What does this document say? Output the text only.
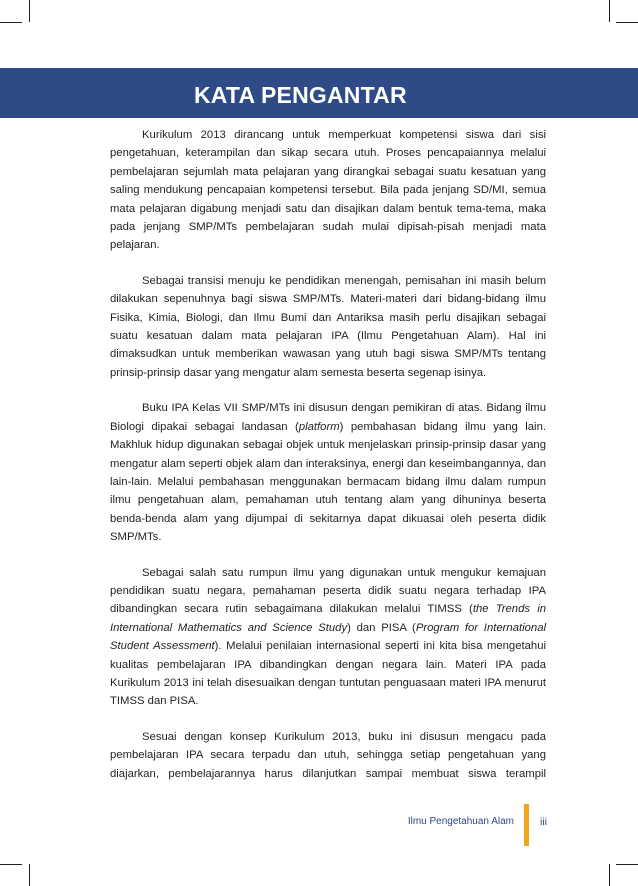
KATA PENGANTAR

Kurikulum 2013 dirancang untuk memperkuat kompetensi siswa dari sisi pengetahuan, keterampilan dan sikap secara utuh. Proses pencapaiannya melalui pembelajaran sejumlah mata pelajaran yang dirangkai sebagai suatu kesatuan yang saling mendukung pencapaian kompetensi tersebut. Bila pada jenjang SD/MI, semua mata pelajaran digabung menjadi satu dan disajikan dalam bentuk tema-tema, maka pada jenjang SMP/MTs pembelajaran sudah mulai dipisah-pisah menjadi mata pelajaran.

Sebagai transisi menuju ke pendidikan menengah, pemisahan ini masih belum dilakukan sepenuhnya bagi siswa SMP/MTs. Materi-materi dari bidang-bidang ilmu Fisika, Kimia, Biologi, dan Ilmu Bumi dan Antariksa masih perlu disajikan sebagai suatu kesatuan dalam mata pelajaran IPA (Ilmu Pengetahuan Alam). Hal ini dimaksudkan untuk memberikan wawasan yang utuh bagi siswa SMP/MTs tentang prinsip-prinsip dasar yang mengatur alam semesta beserta segenap isinya.

Buku IPA Kelas VII SMP/MTs ini disusun dengan pemikiran di atas. Bidang ilmu Biologi dipakai sebagai landasan (platform) pembahasan bidang ilmu yang lain. Makhluk hidup digunakan sebagai objek untuk menjelaskan prinsip-prinsip dasar yang mengatur alam seperti objek alam dan interaksinya, energi dan keseimbangannya, dan lain-lain. Melalui pembahasan menggunakan bermacam bidang ilmu dalam rumpun ilmu pengetahuan alam, pemahaman utuh tentang alam yang dihuninya beserta benda-benda alam yang dijumpai di sekitarnya dapat dikuasai oleh peserta didik SMP/MTs.

Sebagai salah satu rumpun ilmu yang digunakan untuk mengukur kemajuan pendidikan suatu negara, pemahaman peserta didik suatu negara terhadap IPA dibandingkan secara rutin sebagaimana dilakukan melalui TIMSS (the Trends in International Mathematics and Science Study) dan PISA (Program for International Student Assessment). Melalui penilaian internasional seperti ini kita bisa mengetahui kualitas pembelajaran IPA dibandingkan dengan negara lain. Materi IPA pada Kurikulum 2013 ini telah disesuaikan dengan tuntutan penguasaan materi IPA menurut TIMSS dan PISA.

Sesuai dengan konsep Kurikulum 2013, buku ini disusun mengacu pada pembelajaran IPA secara terpadu dan utuh, sehingga setiap pengetahuan yang diajarkan, pembelajarannya harus dilanjutkan sampai membuat siswa terampil

Ilmu Pengetahuan Alam iii
